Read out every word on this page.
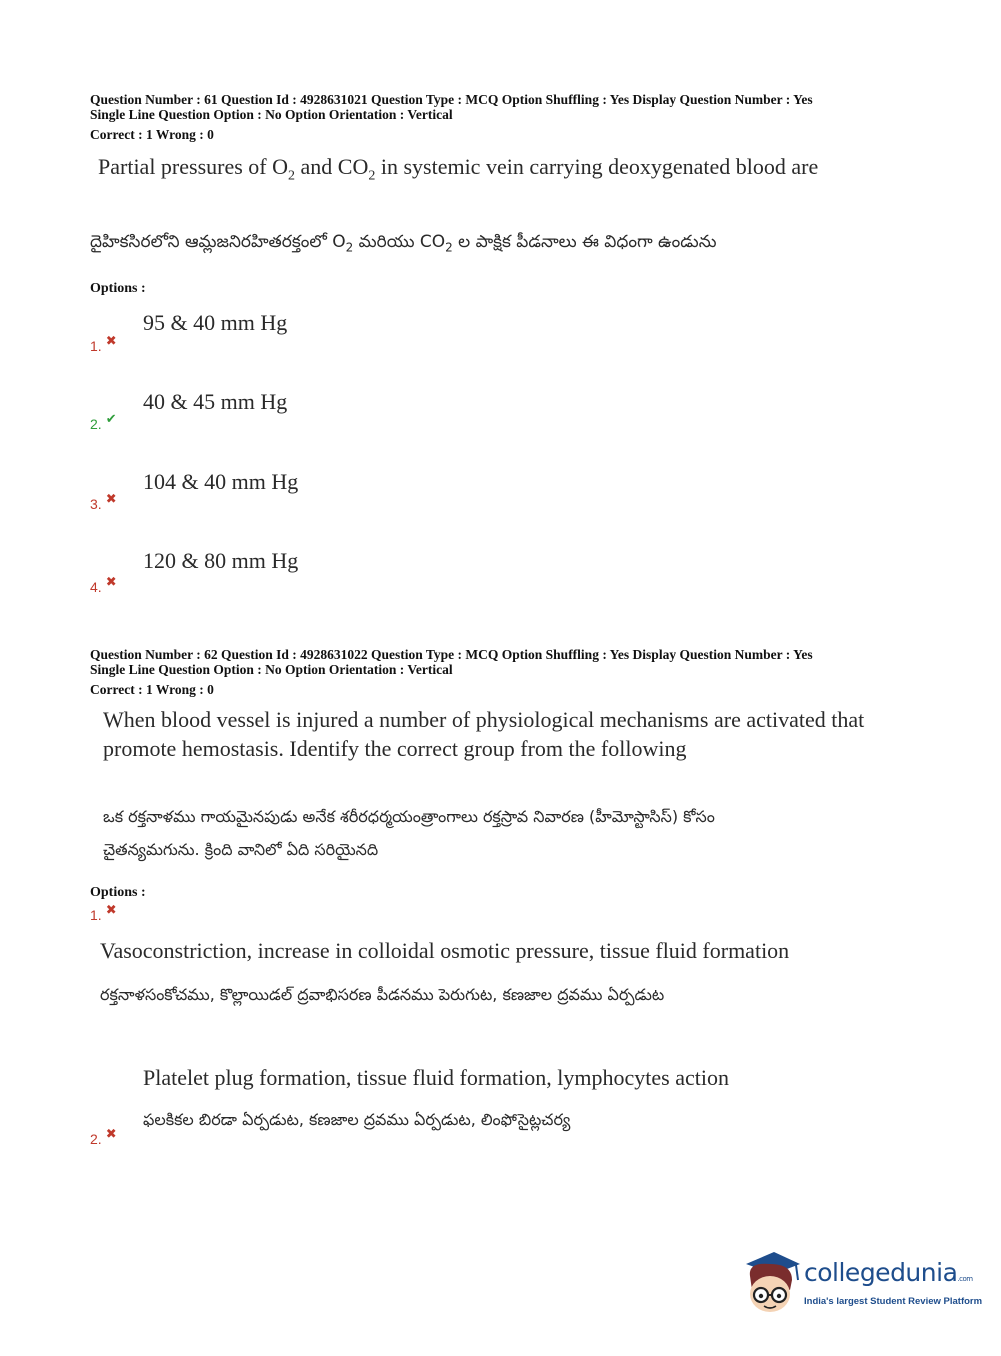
Question Number : 61 Question Id : 4928631021 Question Type : MCQ Option Shuffling : Yes Display Question Number : Yes
Single Line Question Option : No Option Orientation : Vertical
Correct : 1 Wrong : 0
Partial pressures of $O_2$ and $CO_2$ in systemic vein carrying deoxygenated blood are
దైహికసిరలోని ఆమ్లజనిరహితరక్తంలో $O_2$ మరియు $CO_2$ ల పాక్షిక పీడనాలు ఈ విధంగా ఉండును
Options :
95 & 40 mm Hg
1. ✖
40 & 45 mm Hg
2. ✔
104 & 40 mm Hg
3. ✖
120 & 80 mm Hg
4. ✖
Question Number : 62 Question Id : 4928631022 Question Type : MCQ Option Shuffling : Yes Display Question Number : Yes
Single Line Question Option : No Option Orientation : Vertical
Correct : 1 Wrong : 0
When blood vessel is injured a number of physiological mechanisms are activated that
promote hemostasis. Identify the correct group from the following
ఒక రక్తనాళము గాయమైనపుడు అనేక శరీరధర్మయంత్రాంగాలు రక్తస్రావ నివారణ (హీమోస్టాసిస్) కోసం
చైతన్యమగును. క్రింది వానిలో ఏది సరియైనది
Options :
1. ✖
Vasoconstriction, increase in colloidal osmotic pressure, tissue fluid formation
రక్తనాళసంకోచము, కొల్లాయిడల్ ద్రవాభిసరణ పీడనము పెరుగుట, కణజాల ద్రవము ఏర్పడుట
Platelet plug formation, tissue fluid formation, lymphocytes action
ఫలకికల బిరడా ఏర్పడుట, కణజాల ద్రవము ఏర్పడుట, లింఫోసైట్లచర్య
2. ✖
collegedunia.com
India's largest Student Review Platform
